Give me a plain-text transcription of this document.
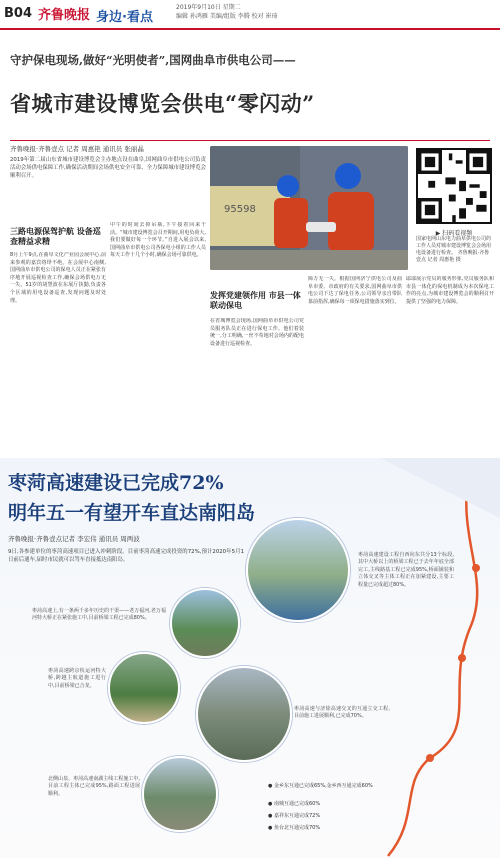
B04 齐鲁晚报 身边·看点
2019年9月10日 星期二
编辑 孙鸿雁 美编/组版 李腾 校对 崔琦
守护保电现场,做好“光明使者”,国网曲阜市供电公司——
省城市建设博览会供电“零闪动”
齐鲁晚报·齐鲁壹点 记者 周惠艳 通讯员 张丽晶
2019年第二届山东省城市建设博览会主办地点设在曲阜,国网曲阜市供电公司负责活动会场供电保障工作,确保活动期间会场供电安全可靠、全力保障城市建设博览会顺利召开。
95598
▶ 扫码看视频
国家电网山东电力曲阜供电公司的工作人员对城市建设博览会会场用电设备进行检查。 齐鲁晚报·齐鲁壹点 记者 周惠艳 摄
三路电源保驾护航 设备巡查精益求精
8月上午9点,在曲阜文化产业园会展中心,前来参观的嘉宾络绎不绝。在会展中心南侧,国网曲阜市供电公司的保电人员正在紧张有序地开展巡视检查工作,确保会场供电万无一失。51岁的胡慧波在东展厅执勤,负责各个区域的用电设备巡查,发现问题及时处理。
中午的时间去掉吊瓶,下午接着回来干活。“城市建设博览会召开期间,用电负荷大,我们要做好每一个环节。”自进入展会以来,国网曲阜市供电公司各保电小组的工作人员每天工作十几个小时,确保会场可靠供电。
发挥党建领作用 市县一体联动保电
在省城博览会现场,国网曲阜市供电公司党员服务队员正在进行保电工作。他们着装统一,分工明确,一丝不苟地对会场内的配电设备进行巡视检查。
障万无一失。根据国网济宁供电公司及曲阜市委、市政府的有关要求,国网曲阜市供电公司下达了保电任务,公司领导亲自带队靠前指挥,确保每一项保电措施落实到位。
耶耶展示党员的服务形象,党员服务队和市县一体化的保电机制成为本次保电工作的亮点,为城市建设博览会的顺利召开提供了坚强的电力保障。
枣菏高速建设已完成72%
明年五一有望开车直达南阳岛
齐鲁晚报·齐鲁壹点记者 李宏伟 通讯员 周两波
9日,各参建单位的枣菏高速项目已进入冲刺阶段。目前枣菏高速完成投资的72%,预计2020年5月1日前后通车,届时市民就可以驾车直接抵达南阳岛。
枣菏高速上,有一条两千多年历史的干渠——老万福河,老万福河特大桥正在紧张施工中,目前桥梁工程已完成80%。
枣菏高速跨京杭运河特大桥,跨越主航道施工进行中,目前桥梁已合龙。
枣菏高速与济徐高速交叉的互通立交工程,目前施工进展顺利,已完成70%。
北侧山泉、枣菏高速南湖主线工程施工中,目前工程主体已完成95%,路面工程进展顺利。
枣菏高速建设工程自西向东共分13个标段,其中大桥以上的桥梁工程已于去年年底全部完工,主线路基工程已完成95%,桥面铺装和立体交叉等主体工程正在加紧建设,主要工程量已完成超过80%。
● 金乡东互通已完成65%,金乡西互通完成60%
● 南城互通已完成60%
● 嘉祥东互通完成72%
● 鱼台北互通完成70%
